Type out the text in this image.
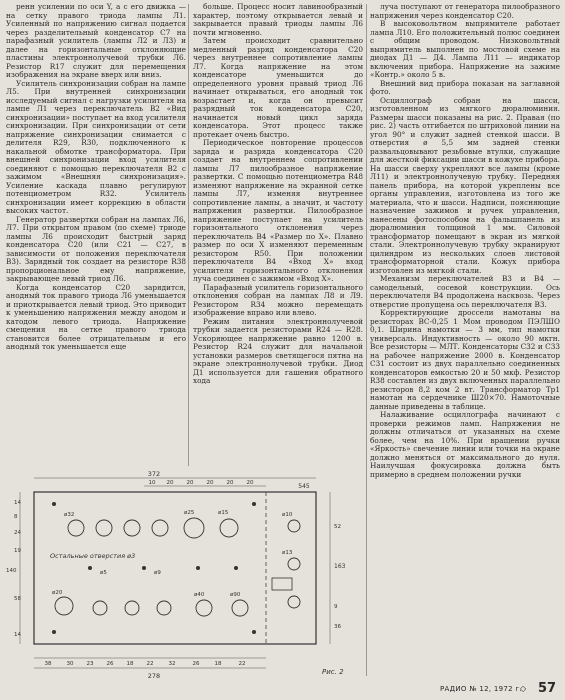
ренн усилении по оси Y, а с его движка — на сетку правого триода лампы Л1. Усиленный по напряжению сигнал подается через разделительный конденсатор C7 на парафазный усилитель (лампы Л2 и Л3) и далее на горизонтальные отклоняющие пластины электроннолучевой трубки Л6. Резистор R17 служит для перемещения изображения на экране вверх или вниз.

Усилитель синхронизации собран на лампе Л5. При внутренней синхронизации исследуемый сигнал с нагрузки усилителя на лампе Л1 через переключатель В2 «Вид синхронизации» поступает на вход усилителя синхронизации. При синхронизации от сети напряжение синхронизации снимается с делителя R29, R30, подключенного к накальной обмотке трансформатора. При внешней синхронизации вход усилителя соединяют с помощью переключателя В2 с зажимом «Внешняя синхронизация». Усиление каскада плавно регулируют потенциометром R32. Усилитель синхронизации имеет коррекцию в области высоких частот.

Генератор развертки собран на лампах Л6, Л7. При открытом правом (по схеме) триоде лампы Л6 происходит быстрый заряд конденсатора C20 (или C21 — C27, в зависимости от положения переключателя В3). Зарядный ток создает на резисторе R38 пропорциональное ему напряжение, закрывающее левый триод Л6.

Когда конденсатор C20 зарядится, анодный ток правого триода Л6 уменьшается и приоткрывается левый триод. Это приводит к уменьшению напряжения между анодом и катодом левого триода. Напряжение смещения на сетке правого триода становится более отрицательным и его анодный ток уменьшается еще

больше. Процесс носит лавинообразный характер, поэтому открывается левый и закрывается правый триоды лампы Л6 почти мгновенно.

Затем происходит сравнительно медленный разряд конденсатора C20 через внутреннее сопротивление лампы Л7. Когда напряжение на этом конденсаторе уменьшится до определенного уровня правый триод Л6 начинает открываться, его анодный ток возрастает и, когда он превысит разрядный ток конденсатора C20, начинается новый цикл заряда конденсатора. Этот процесс также протекает очень быстро.

Периодическое повторение процессов заряда и разряда конденсатора C20 создает на внутреннем сопротивлении лампы Л7 пилообразное напряжение развертки. С помощью потенциометра R48 изменяют напряжение на экранной сетке лампы Л7, изменяя внутреннее сопротивление лампы, а значит, и частоту напряжения развертки. Пилообразное напряжение поступает на усилитель горизонтального отклонения через переключатель В4 «Размер по Х». Плавно размер по оси Х изменяют переменным резистором R50. При положении переключателя В4 «Вход Х» вход усилителя горизонтального отклонения луча соединен с зажимом «Вход Х».

Парафазный усилитель горизонтального отклонения собран на лампах Л8 и Л9. Резистором R34 можно перемещать изображение вправо или влево.

Режим питания электроннолучевой трубки задается резисторами R24 — R28. Ускоряющее напряжение равно 1200 в. Резистор R24 служит для начальной установки размеров светящегося пятна на экране электроннолучевой трубки. Диод Д1 используется для гашения обратного хода

луча поступают от генератора пилообразного напряжения через конденсатор C20.

В высоковольтном выпрямителе работает лампа Л10. Его положительный полюс соединен с общим проводом. Низковольтный выпрямитель выполнен по мостовой схеме на диодах Д1 — Д4. Лампа Л11 — индикатор включения прибора. Напряжение на зажиме «Контр.» около 5 в.

Внешний вид прибора показан на заглавной фото.

Осциллограф собран на шасси, изготовленном из мягкого дюралюминия. Размеры шасси показаны на рис. 2. Правая (по рис. 2) часть отгибается по штриховой линии на угол 90° и служит задней стенкой шасси. В отверстия ø 5,5 мм задней стенки развальцовывают резьбовые втулки, служащие для жесткой фиксации шасси в кожухе прибора. На шасси сверху укрепляют все лампы (кроме Л11) и электроннолучевую трубку. Передняя панель прибора, на которой укреплены все органы управления, изготовлена из того же материала, что и шасси. Надписи, поясняющие назначение зажимов и ручек управления, нанесены фотоспособом на фальшпанель из дюралюминия толщиной 1 мм. Силовой трансформатор помещают в экран из мягкой стали. Электроннолучевую трубку экранируют цилиндром из нескольких слоев листовой трансформаторной стали. Кожух прибора изготовлен из мягкой стали.

Механизм переключателей В3 и В4 — самодельный, сосевой конструкции. Ось переключателя В4 продолжена насквозь. Через отверстие пропущена ось переключателя В3.

Корректирующие дроссели намотаны на резисторах ВС-0,25 1 Мом проводом ПЭЛШО 0,1. Ширина намотки — 3 мм, тип намотки универсаль. Индуктивность — около 90 мкгн. Все резисторы — МЛТ. Конденсаторы C32 и C33 на рабочее напряжение 2000 в. Конденсатор C31 состоит из двух параллельно соединенных конденсаторов емкостью 20 и 50 мкф. Резистор R38 составлен из двух включенных параллельно резисторов 8,2 ком 2 вт. Трансформатор Тр1 намотан на сердечнике Ш20×70. Намоточные данные приведены в таблице.

Налаживание осциллографа начинают с проверки режимов ламп. Напряжения не должны отличаться от указанных на схеме более, чем на 10%. При вращении ручки «Яркость» свечение линии или точки на экране должно меняться от максимального до нуля. Наилучшая фокусировка должна быть примерно в среднем положении ручки

372
10 20 20 20 20 20	545
278
38	30 23 26 18 22	32	26	18	22
14
8
24
19
140
58
14
163
52
9
36
ø32	ø25	ø15	ø10
ø13
ø20
ø5	ø9
ø40	ø90
Остальные отверстия ø3
Рис. 2
РАДИО № 12, 1972 г.
◇ 57
